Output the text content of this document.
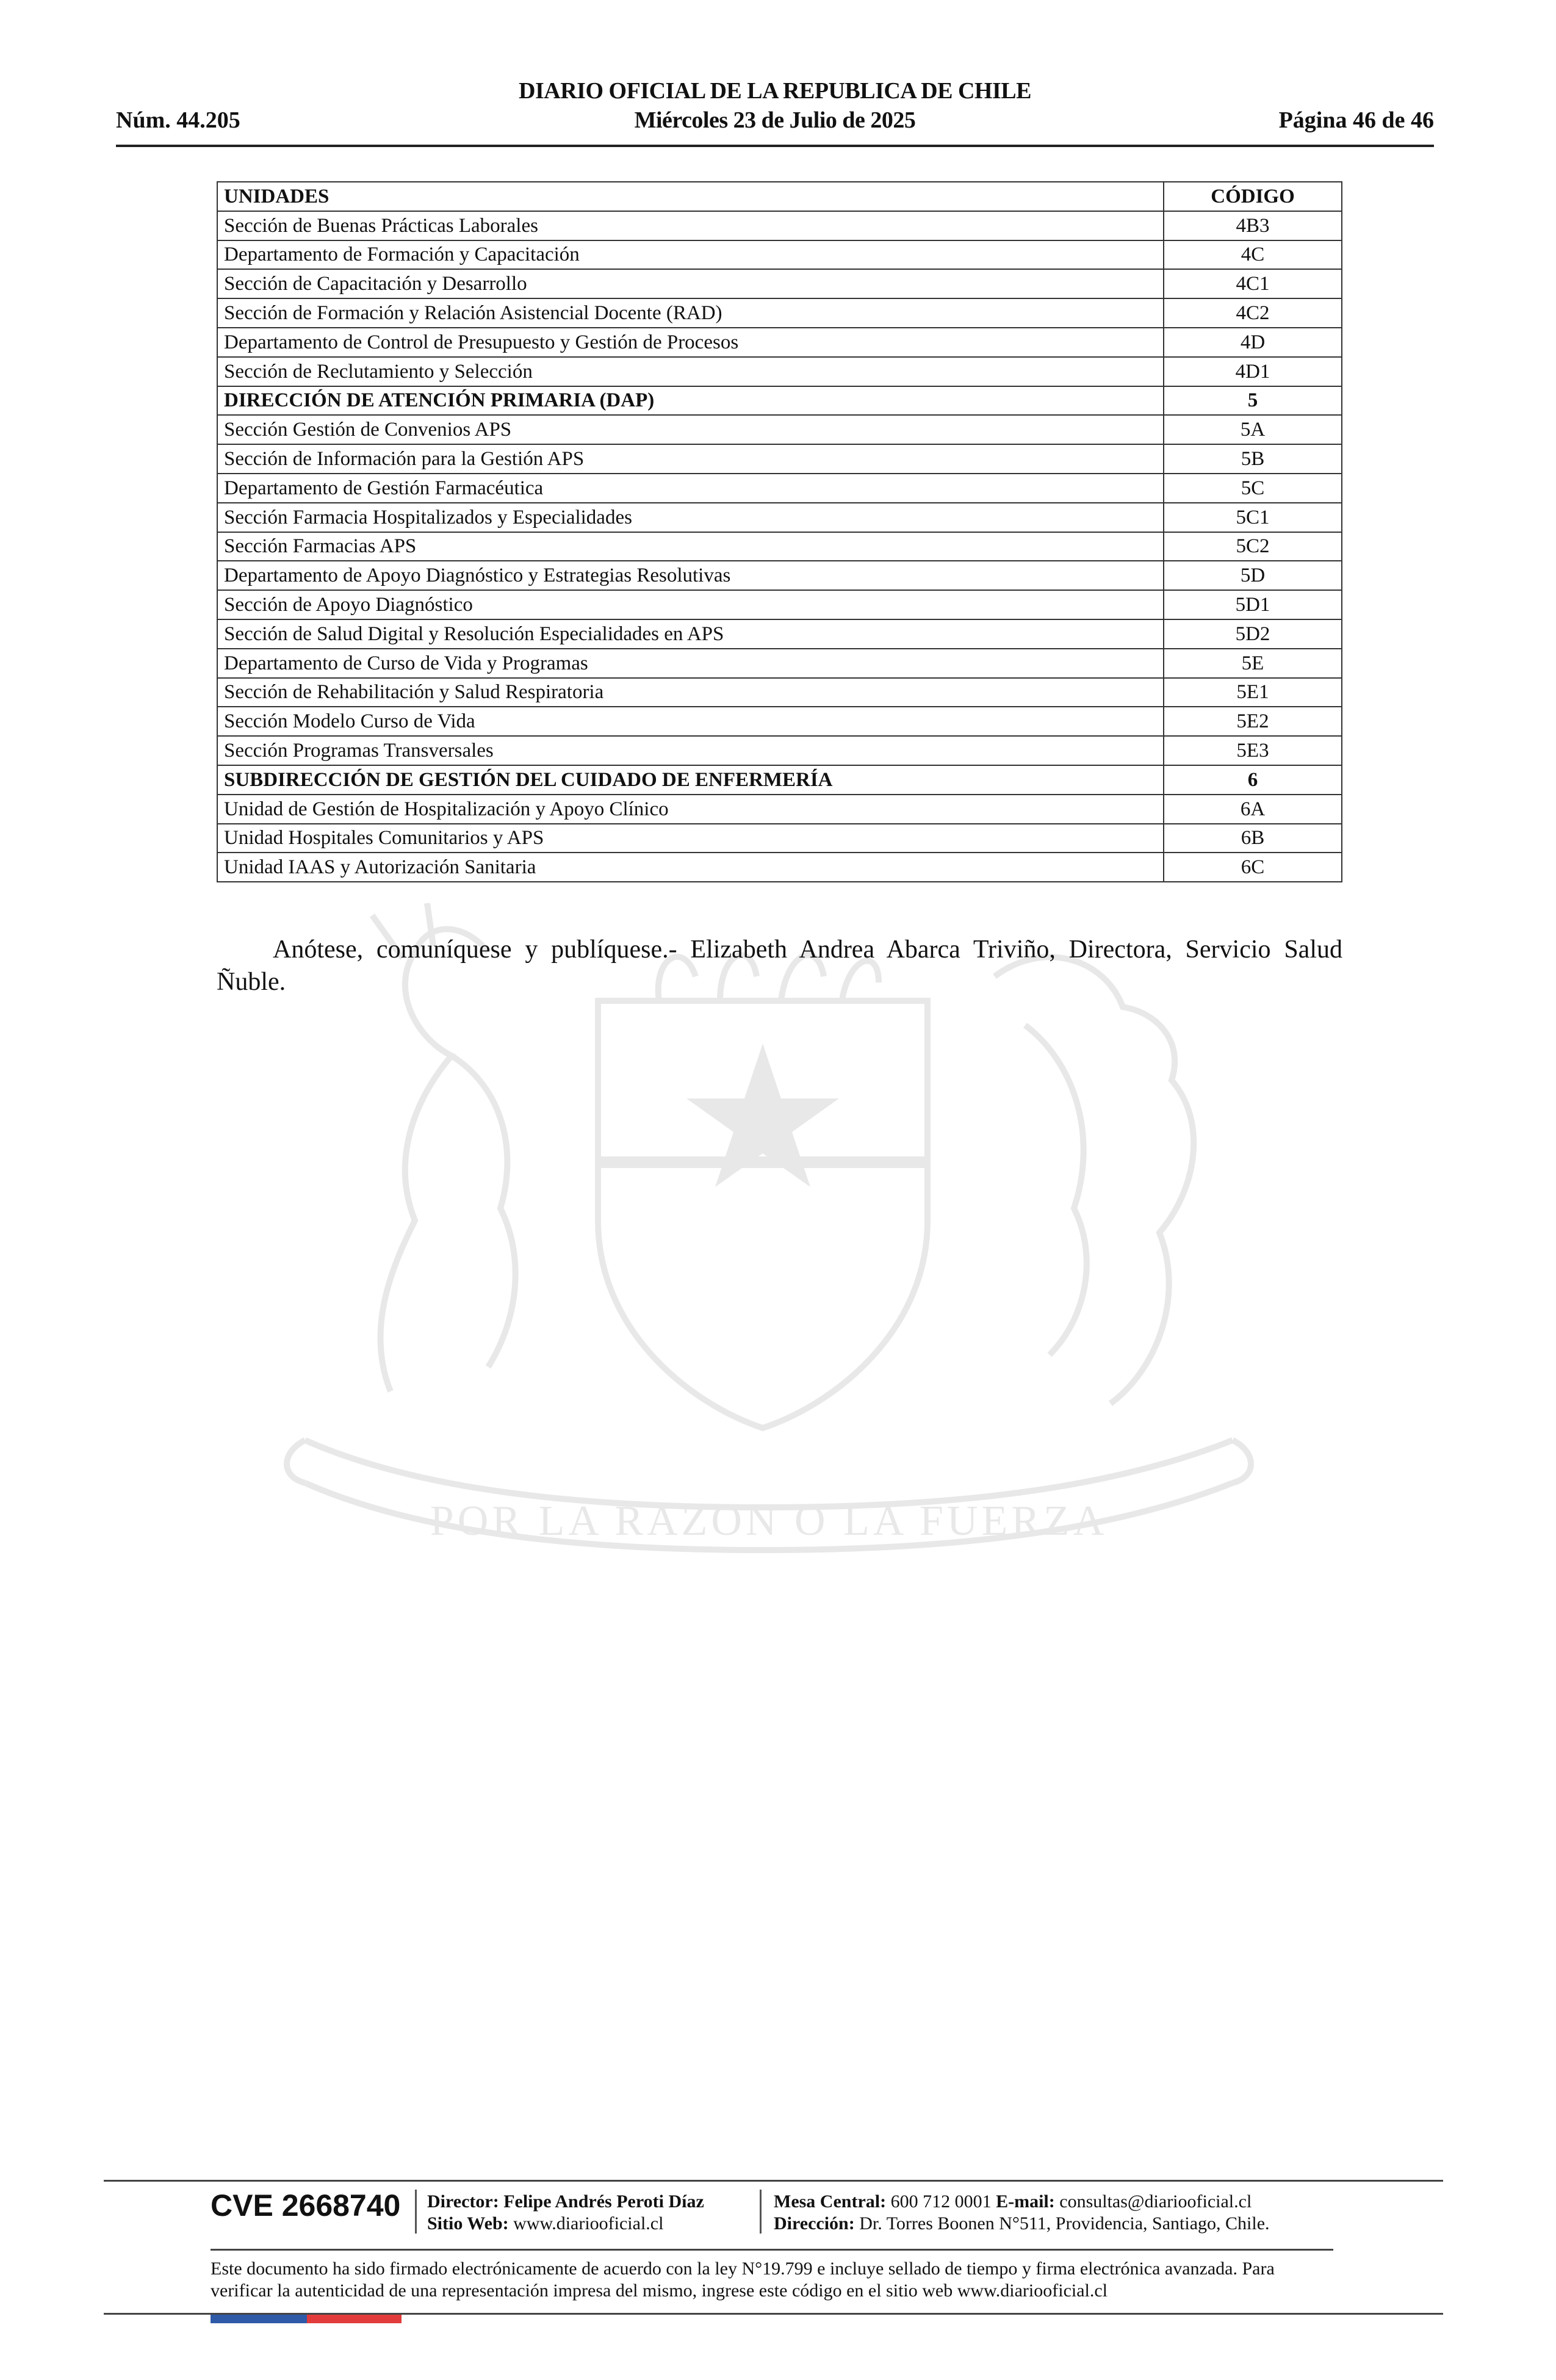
DIARIO OFICIAL DE LA REPUBLICA DE CHILE
Miércoles 23 de Julio de 2025
Núm. 44.205	Página 46 de 46
POR LA RAZON O LA FUERZA
UNIDADES	CÓDIGO
Sección de Buenas Prácticas Laborales	4B3
Departamento de Formación y Capacitación	4C
Sección de Capacitación y Desarrollo	4C1
Sección de Formación y Relación Asistencial Docente (RAD)	4C2
Departamento de Control de Presupuesto y Gestión de Procesos	4D
Sección de Reclutamiento y Selección	4D1
DIRECCIÓN DE ATENCIÓN PRIMARIA (DAP)	5
Sección Gestión de Convenios APS	5A
Sección de Información para la Gestión APS	5B
Departamento de Gestión Farmacéutica	5C
Sección Farmacia Hospitalizados y Especialidades	5C1
Sección Farmacias APS	5C2
Departamento de Apoyo Diagnóstico y Estrategias Resolutivas	5D
Sección de Apoyo Diagnóstico	5D1
Sección de Salud Digital y Resolución Especialidades en APS	5D2
Departamento de Curso de Vida y Programas	5E
Sección de Rehabilitación y Salud Respiratoria	5E1
Sección Modelo Curso de Vida	5E2
Sección Programas Transversales	5E3
SUBDIRECCIÓN DE GESTIÓN DEL CUIDADO DE ENFERMERÍA	6
Unidad de Gestión de Hospitalización y Apoyo Clínico	6A
Unidad Hospitales Comunitarios y APS	6B
Unidad IAAS y Autorización Sanitaria	6C
Anótese, comuníquese y publíquese.- Elizabeth Andrea Abarca Triviño, Directora, Servicio Salud Ñuble.
CVE 2668740 Director: Felipe Andrés Peroti Díaz
Sitio Web: www.diariooficial.cl
Mesa Central: 600 712 0001 E-mail: consultas@diariooficial.cl
Dirección: Dr. Torres Boonen N°511, Providencia, Santiago, Chile.
Este documento ha sido firmado electrónicamente de acuerdo con la ley N°19.799 e incluye sellado de tiempo y firma electrónica avanzada. Para verificar la autenticidad de una representación impresa del mismo, ingrese este código en el sitio web www.diariooficial.cl
